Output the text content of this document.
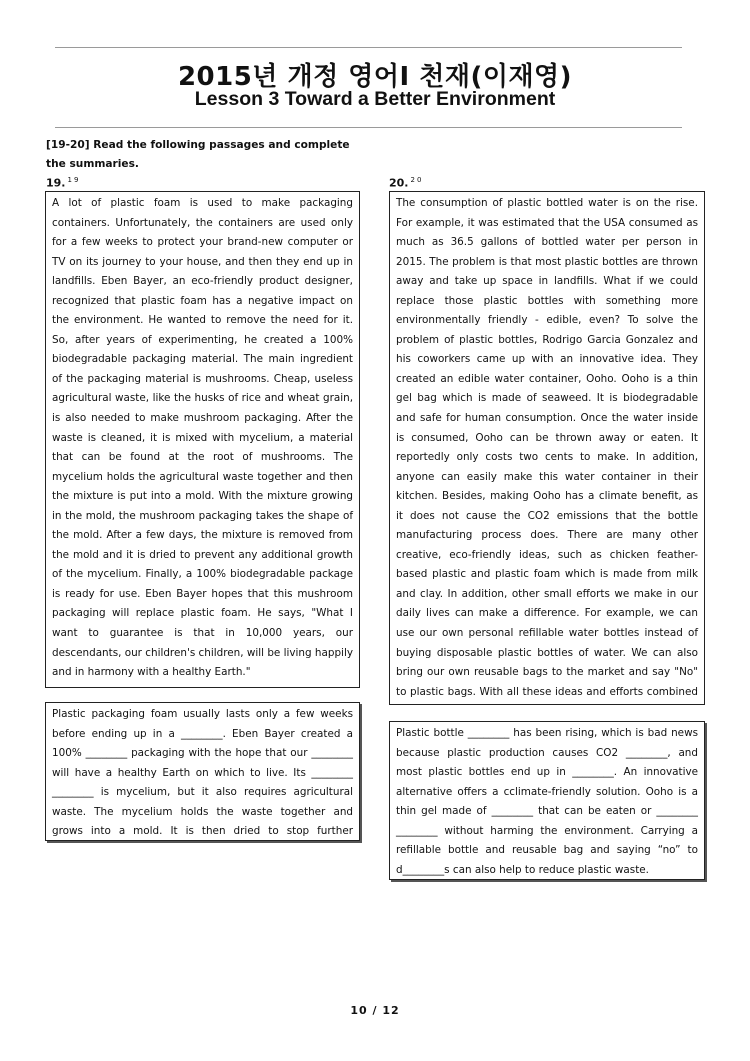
2015년 개정 영어I 천재(이재영)
Lesson 3 Toward a Better Environment
[19-20] Read the following passages and complete the summaries.
19. $^{19}$	20. $^{20}$
A lot of plastic foam is used to make packaging containers. Unfortunately, the containers are used only for a few weeks to protect your brand-new computer or TV on its journey to your house, and then they end up in landfills. Eben Bayer, an eco-friendly product designer, recognized that plastic foam has a negative impact on the environment. He wanted to remove the need for it. So, after years of experimenting, he created a 100% biodegradable packaging material. The main ingredient of the packaging material is mushrooms. Cheap, useless agricultural waste, like the husks of rice and wheat grain, is also needed to make mushroom packaging. After the waste is cleaned, it is mixed with mycelium, a material that can be found at the root of mushrooms. The mycelium holds the agricultural waste together and then the mixture is put into a mold. With the mixture growing in the mold, the mushroom packaging takes the shape of the mold. After a few days, the mixture is removed from the mold and it is dried to prevent any additional growth of the mycelium. Finally, a 100% biodegradable package is ready for use. Eben Bayer hopes that this mushroom packaging will replace plastic foam. He says, "What I want to guarantee is that in 10,000 years, our descendants, our children's children, will be living happily and in harmony with a healthy Earth."
The consumption of plastic bottled water is on the rise. For example, it was estimated that the USA consumed as much as 36.5 gallons of bottled water per person in 2015. The problem is that most plastic bottles are thrown away and take up space in landfills. What if we could replace those plastic bottles with something more environmentally friendly - edible, even? To solve the problem of plastic bottles, Rodrigo Garcia Gonzalez and his coworkers came up with an innovative idea. They created an edible water container, Ooho. Ooho is a thin gel bag which is made of seaweed. It is biodegradable and safe for human consumption. Once the water inside is consumed, Ooho can be thrown away or eaten. It reportedly only costs two cents to make. In addition, anyone can easily make this water container in their kitchen. Besides, making Ooho has a climate benefit, as it does not cause the CO2 emissions that the bottle manufacturing process does. There are many other creative, eco-friendly ideas, such as chicken feather-based plastic and plastic foam which is made from milk and clay. In addition, other small efforts we make in our daily lives can make a difference. For example, we can use our own personal refillable water bottles instead of buying disposable plastic bottles of water. We can also bring our own reusable bags to the market and say "No" to plastic bags. With all these ideas and efforts combined
Plastic packaging foam usually lasts only a few weeks before ending up in a ________. Eben Bayer created a 100% ________ packaging with the hope that our ________ will have a healthy Earth on which to live. Its ________ ________ is mycelium, but it also requires agricultural waste. The mycelium holds the waste together and grows into a mold. It is then dried to stop further
Plastic bottle ________ has been rising, which is bad news because plastic production causes CO2 ________, and most plastic bottles end up in ________. An innovative alternative offers a cclimate-friendly solution. Ooho is a thin gel made of ________ that can be eaten or ________ ________ without harming the environment. Carrying a refillable bottle and reusable bag and saying “no” to d________s can also help to reduce plastic waste.
10 / 12
